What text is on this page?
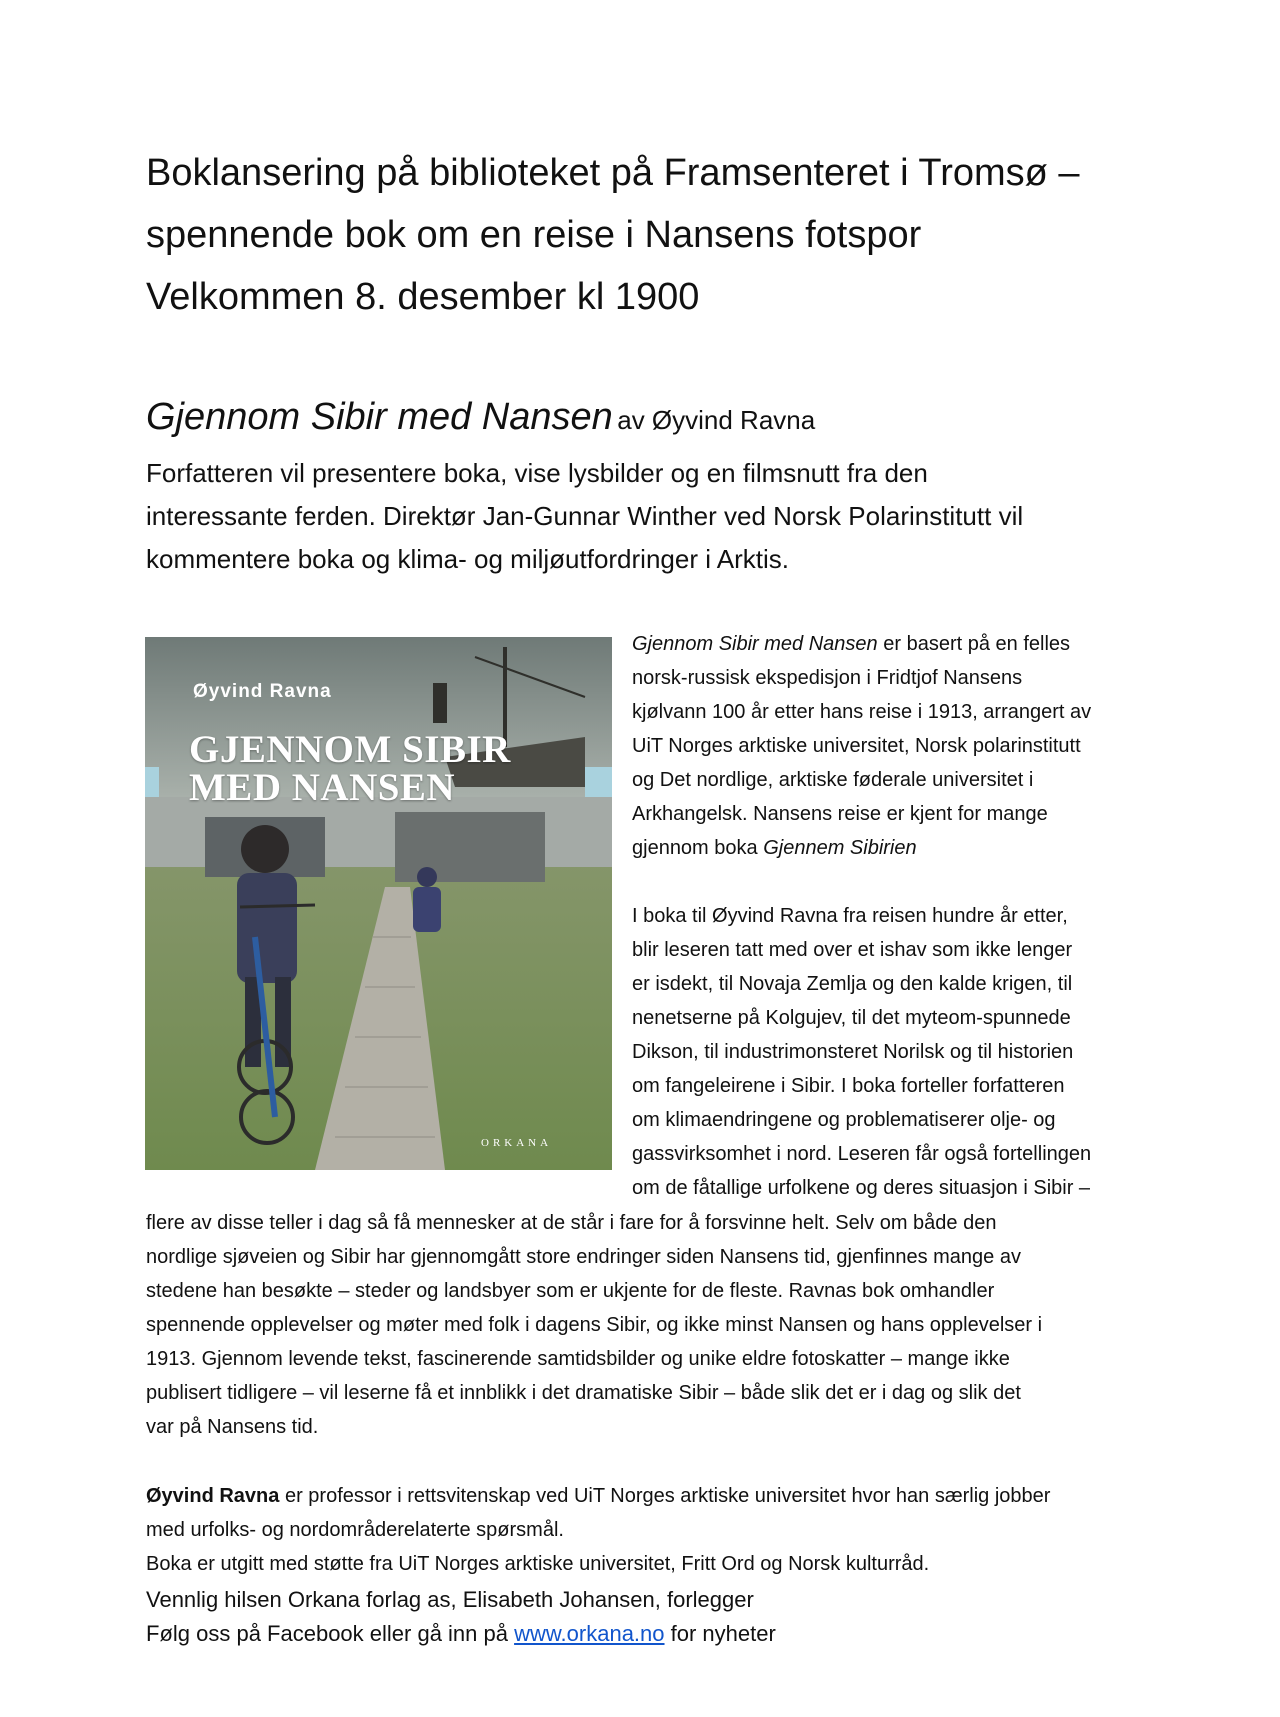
Boklansering på biblioteket på Framsenteret i Tromsø –
spennende bok om en reise i Nansens fotspor
Velkommen 8. desember kl 1900
Gjennom Sibir med Nansen av Øyvind Ravna
Forfatteren vil presentere boka, vise lysbilder og en filmsnutt fra den
interessante ferden. Direktør Jan-Gunnar Winther ved Norsk Polarinstitutt vil
kommentere boka og klima- og miljøutfordringer i Arktis.
Øyvind Ravna
GJENNOM SIBIR
MED NANSEN
ORKANA
Gjennom Sibir med Nansen er basert på en felles
norsk-russisk ekspedisjon i Fridtjof Nansens
kjølvann 100 år etter hans reise i 1913, arrangert av
UiT Norges arktiske universitet, Norsk polarinstitutt
og Det nordlige, arktiske føderale universitet i
Arkhangelsk. Nansens reise er kjent for mange
gjennom boka Gjennem Sibirien
I boka til Øyvind Ravna fra reisen hundre år etter,
blir leseren tatt med over et ishav som ikke lenger
er isdekt, til Novaja Zemlja og den kalde krigen, til
nenetserne på Kolgujev, til det myteom-spunnede
Dikson, til industrimonsteret Norilsk og til historien
om fangeleirene i Sibir. I boka forteller forfatteren
om klimaendringene og problematiserer olje- og
gassvirksomhet i nord. Leseren får også fortellingen
om de fåtallige urfolkene og deres situasjon i Sibir –
flere av disse teller i dag så få mennesker at de står i fare for å forsvinne helt. Selv om både den
nordlige sjøveien og Sibir har gjennomgått store endringer siden Nansens tid, gjenfinnes mange av
stedene han besøkte – steder og landsbyer som er ukjente for de fleste. Ravnas bok omhandler
spennende opplevelser og møter med folk i dagens Sibir, og ikke minst Nansen og hans opplevelser i
1913. Gjennom levende tekst, fascinerende samtidsbilder og unike eldre fotoskatter – mange ikke
publisert tidligere – vil leserne få et innblikk i det dramatiske Sibir – både slik det er i dag og slik det
var på Nansens tid.
Øyvind Ravna er professor i rettsvitenskap ved UiT Norges arktiske universitet hvor han særlig jobber
med urfolks- og nordområderelaterte spørsmål.
Boka er utgitt med støtte fra UiT Norges arktiske universitet, Fritt Ord og Norsk kulturråd.
Vennlig hilsen Orkana forlag as, Elisabeth Johansen, forlegger
Følg oss på Facebook eller gå inn på www.orkana.no for nyheter
